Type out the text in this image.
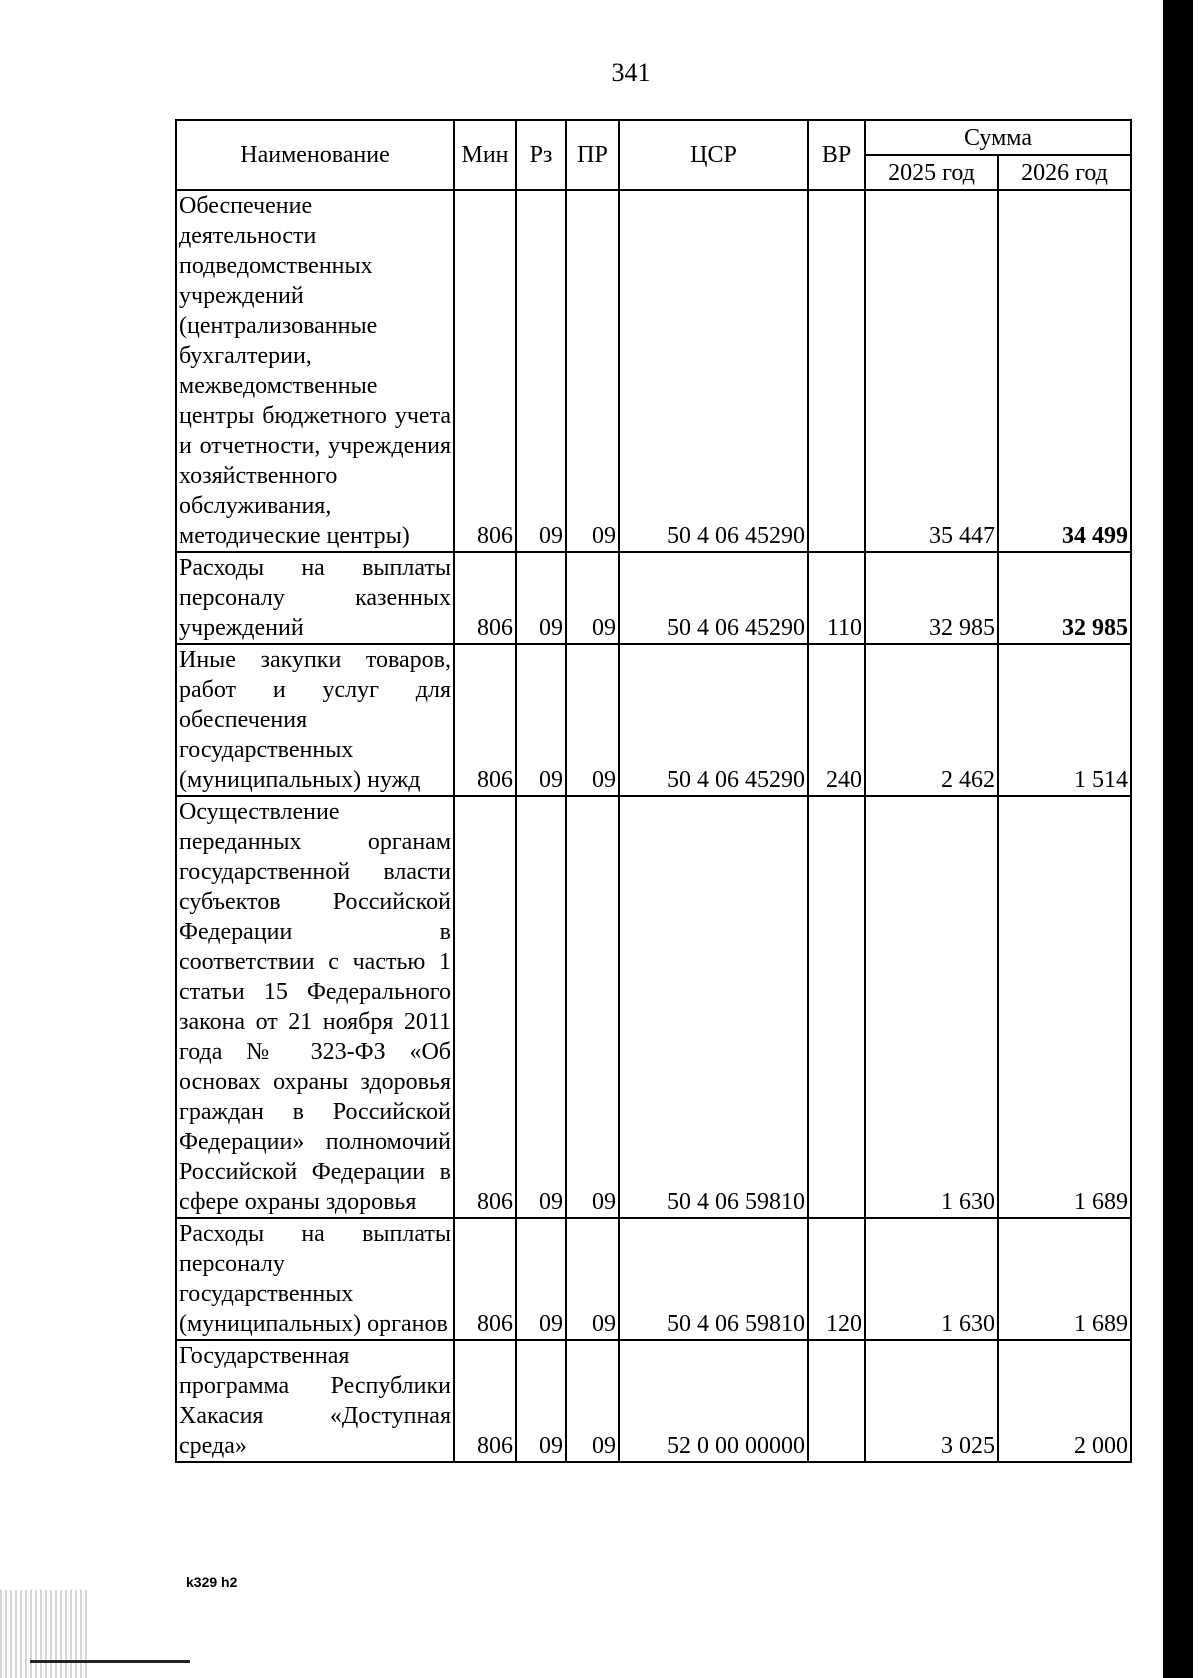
341
Наименование	Мин	Рз	ПР	ЦСР	ВР	Сумма	
						2025 год	2026 год
Обеспечение деятельности подведомственных учреждений (централизованные бухгалтерии, межведомственные центры бюджетного учета и отчетности, учреждения хозяйственного обслуживания, методические центры)	806	09	09	50 4 06 45290		35 447	34 499
Расходы на выплаты персоналу казенных учреждений	806	09	09	50 4 06 45290	110	32 985	32 985
Иные закупки товаров, работ и услуг для обеспечения государственных (муниципальных) нужд	806	09	09	50 4 06 45290	240	2 462	1 514
Осуществление переданных органам государственной власти субъектов Российской Федерации в соответствии с частью 1 статьи 15 Федерального закона от 21 ноября 2011 года № 323-ФЗ «Об основах охраны здоровья граждан в Российской Федерации» полномочий Российской Федерации в сфере охраны здоровья	806	09	09	50 4 06 59810		1 630	1 689
Расходы на выплаты персоналу государственных (муниципальных) органов	806	09	09	50 4 06 59810	120	1 630	1 689
Государственная программа Республики Хакасия «Доступная среда»	806	09	09	52 0 00 00000		3 025	2 000
k329 h2
